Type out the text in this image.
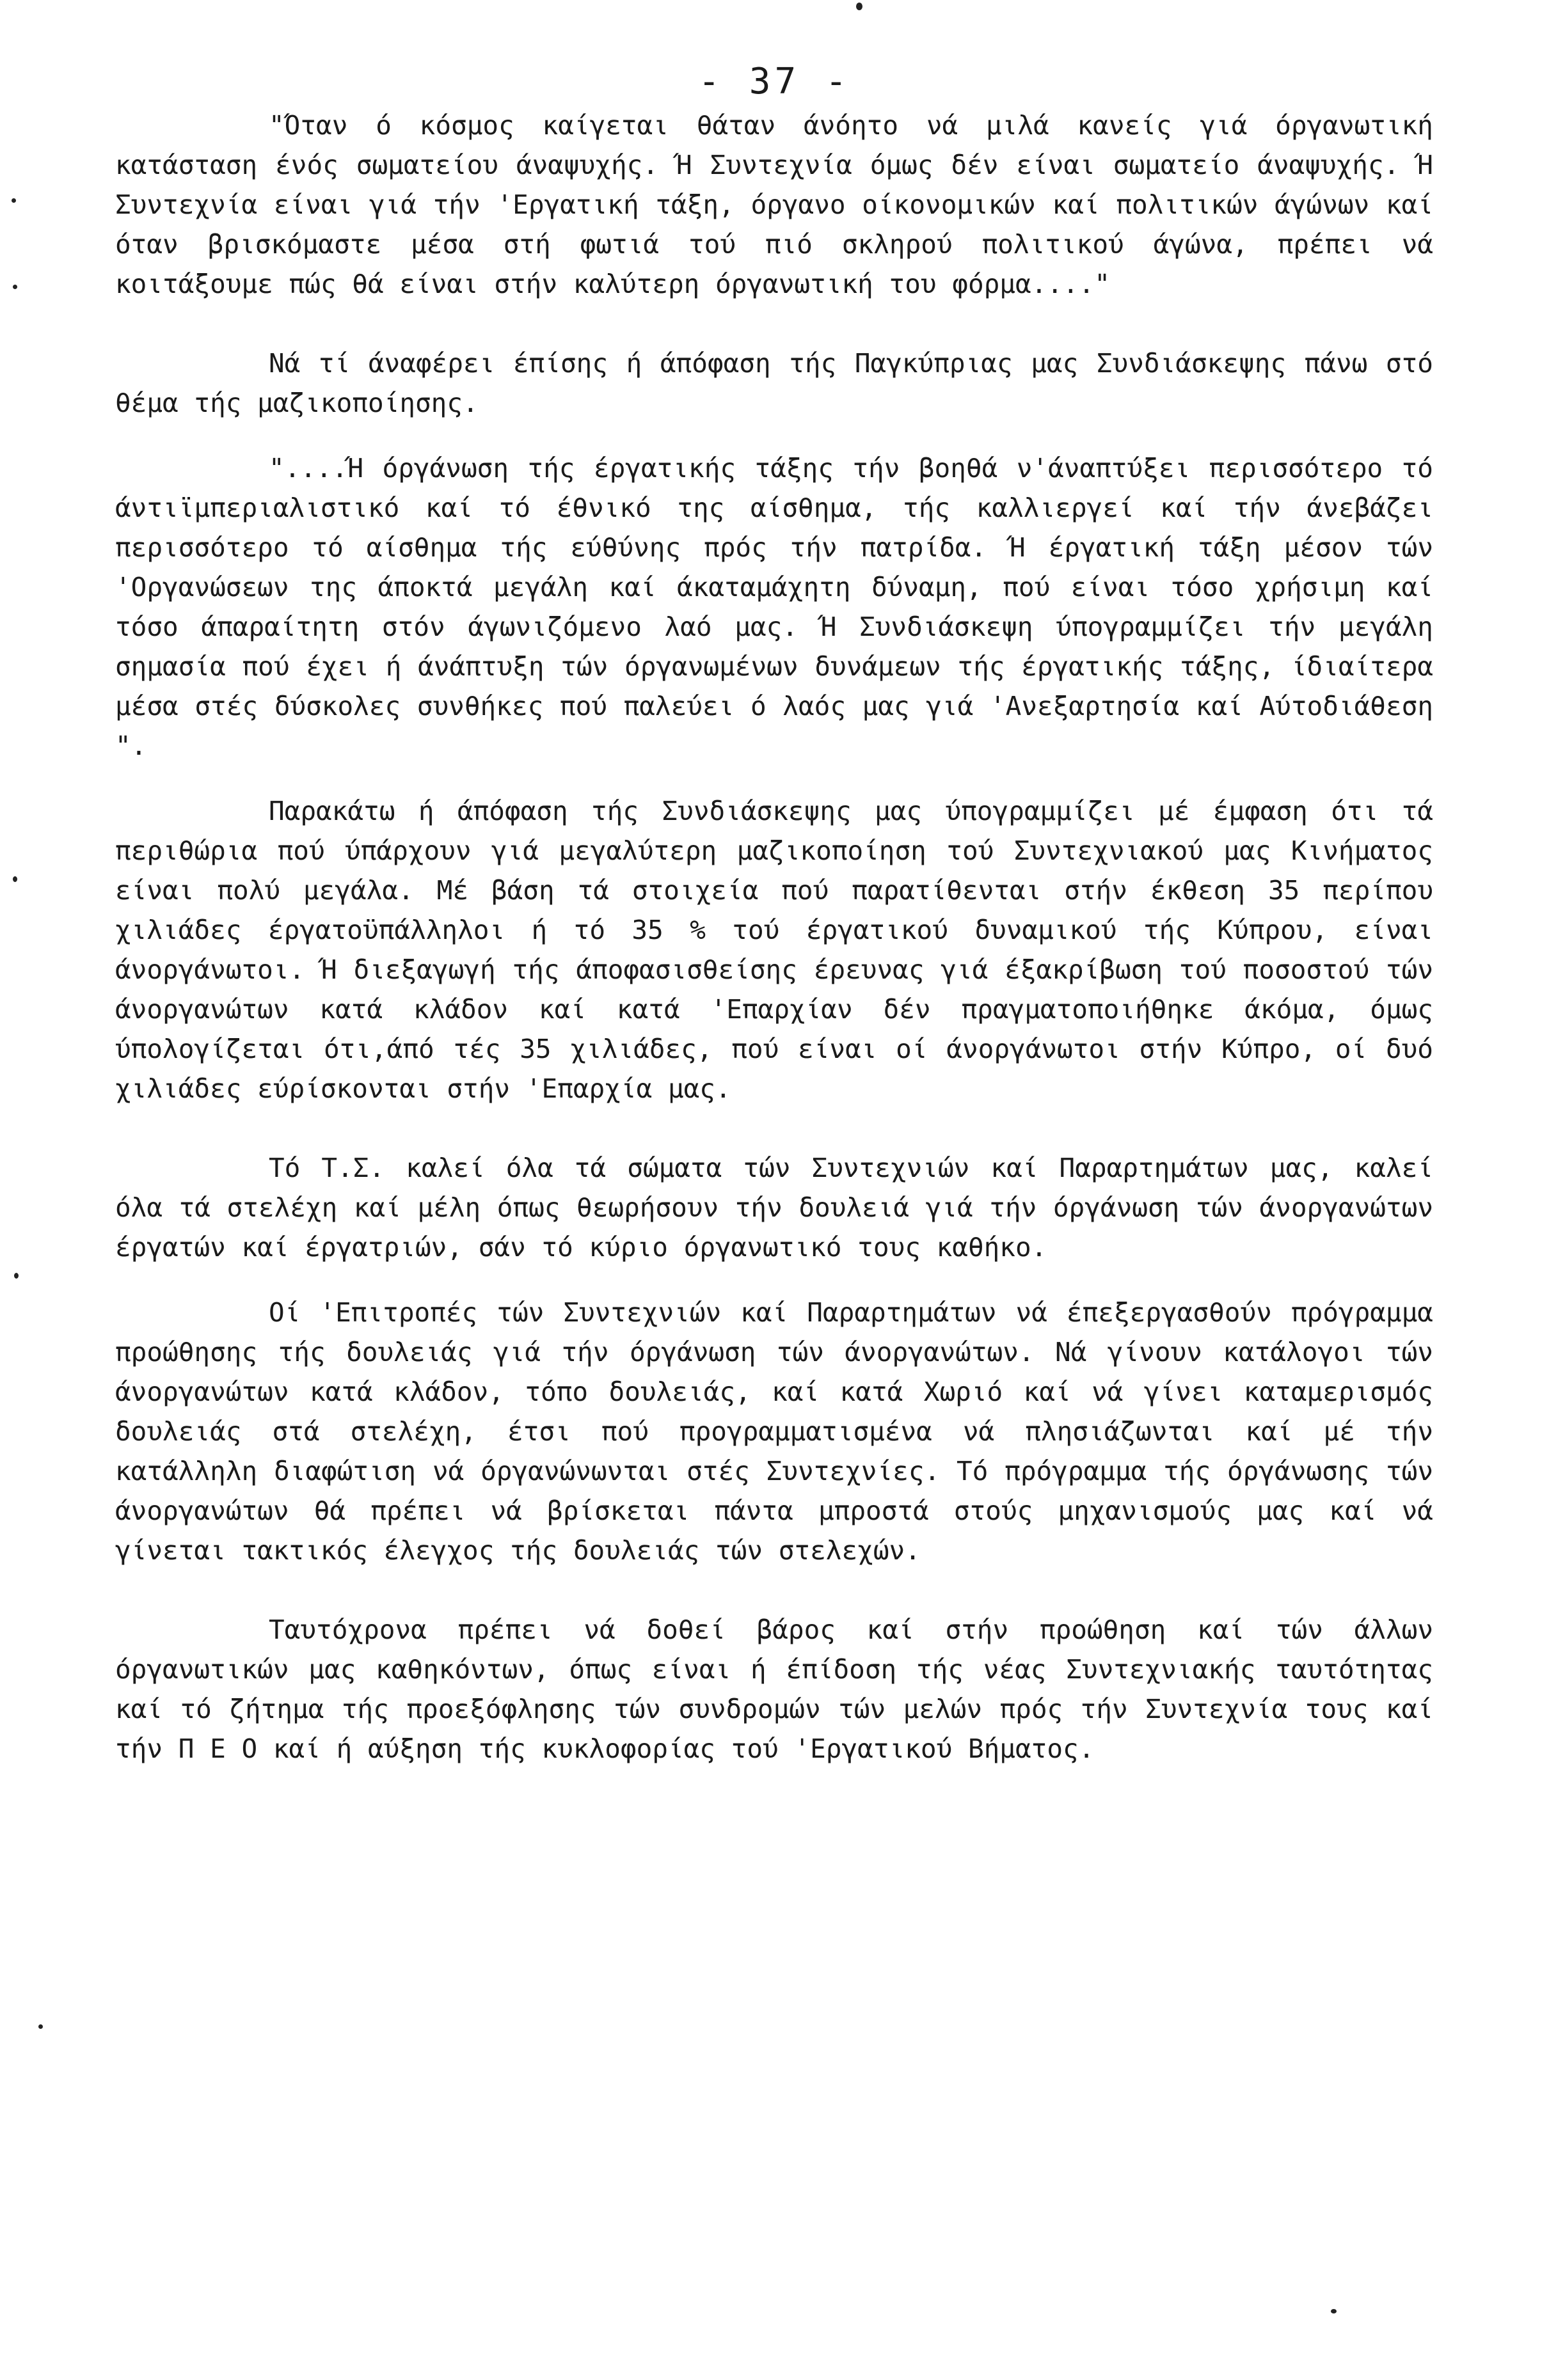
- 37 -

"Όταν ό κόσμος καίγεται θάταν άνόητο νά μιλά κανείς γιά όργανωτική κατάσταση ένός σωματείου άναψυχής. Ή Συντεχνία όμως δέν είναι σωματείο άναψυχής. Ή Συντεχνία είναι γιά τήν 'Εργατική τάξη, όργανο οίκονομικών καί πολιτικών άγώνων καί όταν βρισκόμαστε μέσα στή φωτιά τού πιό σκληρού πολιτικού άγώνα, πρέπει νά κοιτάξουμε πώς θά είναι στήν καλύτερη όργανωτική του φόρμα...."

Νά τί άναφέρει έπίσης ή άπόφαση τής Παγκύπριας μας Συνδιάσκεψης πάνω στό θέμα τής μαζικοποίησης.

"....Ή όργάνωση τής έργατικής τάξης τήν βοηθά ν'άναπτύξει περισσότερο τό άντιϊμπεριαλιστικό καί τό έθνικό της αίσθημα, τής καλλιεργεί καί τήν άνεβάζει περισσότερο τό αίσθημα τής εύθύνης πρός τήν πατρίδα. Ή έργατική τάξη μέσον τών 'Οργανώσεων της άποκτά μεγάλη καί άκαταμάχητη δύναμη, πού είναι τόσο χρήσιμη καί τόσο άπαραίτητη στόν άγωνιζόμενο λαό μας. Ή Συνδιάσκεψη ύπογραμμίζει τήν μεγάλη σημασία πού έχει ή άνάπτυξη τών όργανωμένων δυνάμεων τής έργατικής τάξης, ίδιαίτερα μέσα στές δύσκολες συνθήκες πού παλεύει ό λαός μας γιά 'Ανεξαρτησία καί Αύτοδιάθεση ".

Παρακάτω ή άπόφαση τής Συνδιάσκεψης μας ύπογραμμίζει μέ έμφαση ότι τά περιθώρια πού ύπάρχουν γιά μεγαλύτερη μαζικοποίηση τού Συντεχνιακού μας Κινήματος είναι πολύ μεγάλα. Μέ βάση τά στοιχεία πού παρατίθενται στήν έκθεση 35 περίπου χιλιάδες έργατοϋπάλληλοι ή τό 35 % τού έργατικού δυναμικού τής Κύπρου, είναι άνοργάνωτοι. Ή διεξαγωγή τής άποφασισθείσης έρευνας γιά έξακρίβωση τού ποσοστού τών άνοργανώτων κατά κλάδον καί κατά 'Επαρχίαν δέν πραγματοποιήθηκε άκόμα, όμως ύπολογίζεται ότι,άπό τές 35 χιλιάδες, πού είναι οί άνοργάνωτοι στήν Κύπρο, οί δυό χιλιάδες εύρίσκονται στήν 'Επαρχία μας.

Τό Τ.Σ. καλεί όλα τά σώματα τών Συντεχνιών καί Παραρτημάτων μας, καλεί όλα τά στελέχη καί μέλη όπως θεωρήσουν τήν δουλειά γιά τήν όργάνωση τών άνοργανώτων έργατών καί έργατριών, σάν τό κύριο όργανωτικό τους καθήκο.

Οί 'Επιτροπές τών Συντεχνιών καί Παραρτημάτων νά έπεξεργασθούν πρόγραμμα προώθησης τής δουλειάς γιά τήν όργάνωση τών άνοργανώτων. Νά γίνουν κατάλογοι τών άνοργανώτων κατά κλάδον, τόπο δουλειάς, καί κατά Χωριό καί νά γίνει καταμερισμός δουλειάς στά στελέχη, έτσι πού προγραμματισμένα νά πλησιάζωνται καί μέ τήν κατάλληλη διαφώτιση νά όργανώνωνται στές Συντεχνίες. Τό πρόγραμμα τής όργάνωσης τών άνοργανώτων θά πρέπει νά βρίσκεται πάντα μπροστά στούς μηχανισμούς μας καί νά γίνεται τακτικός έλεγχος τής δουλειάς τών στελεχών.

Ταυτόχρονα πρέπει νά δοθεί βάρος καί στήν προώθηση καί τών άλλων όργανωτικών μας καθηκόντων, όπως είναι ή έπίδοση τής νέας Συντεχνιακής ταυτότητας καί τό ζήτημα τής προεξόφλησης τών συνδρομών τών μελών πρός τήν Συντεχνία τους καί τήν Π Ε Ο καί ή αύξηση τής κυκλοφορίας τού 'Εργατικού Βήματος.
